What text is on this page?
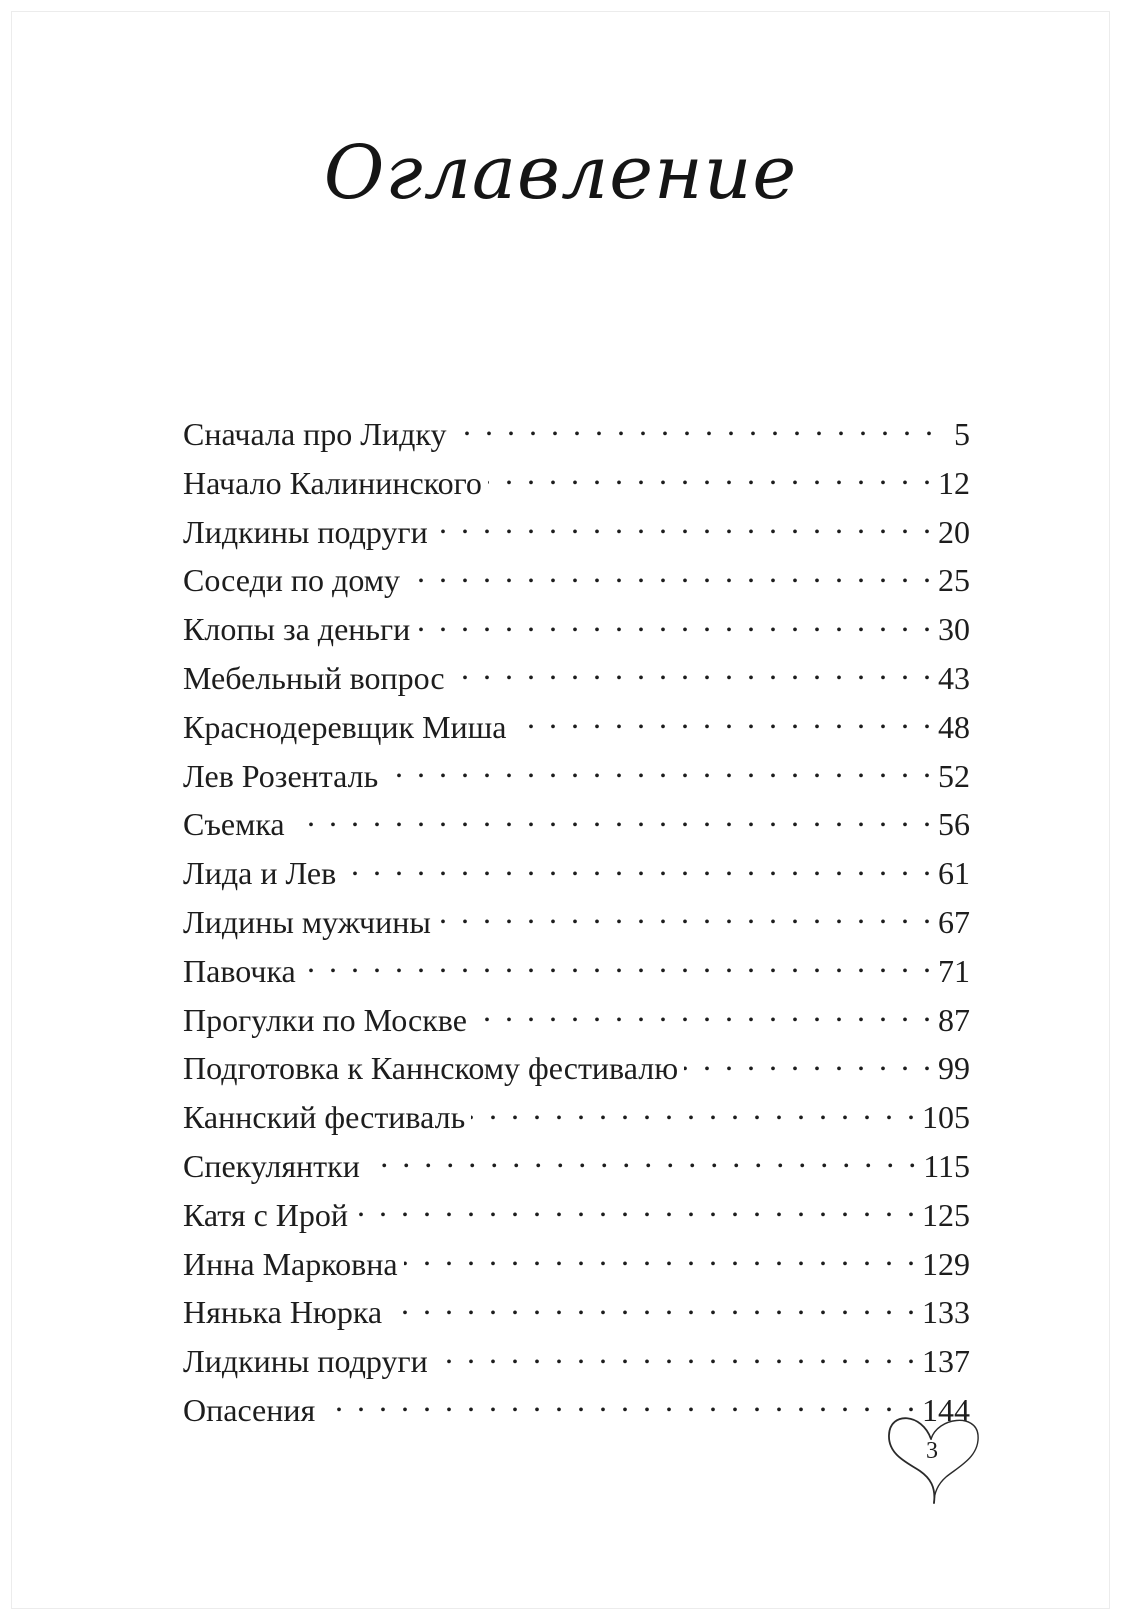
Оглавление
Сначала про Лидку . . .	5
Начало Калининского . . .	12
Лидкины подруги . . .	20
Соседи по дому . . .	25
Клопы за деньги . . .	30
Мебельный вопрос . . .	43
Краснодеревщик Миша . . .	48
Лев Розенталь . . .	52
Съемка . . .	56
Лида и Лев . . .	61
Лидины мужчины . . .	67
Павочка . . .	71
Прогулки по Москве . . .	87
Подготовка к Каннскому фестивалю . . .	99
Каннский фестиваль . . .	105
Спекулянтки . . .	115
Катя с Ирой . . .	125
Инна Марковна . . .	129
Нянька Нюрка . . .	133
Лидкины подруги . . .	137
Опасения . . .	144
3
